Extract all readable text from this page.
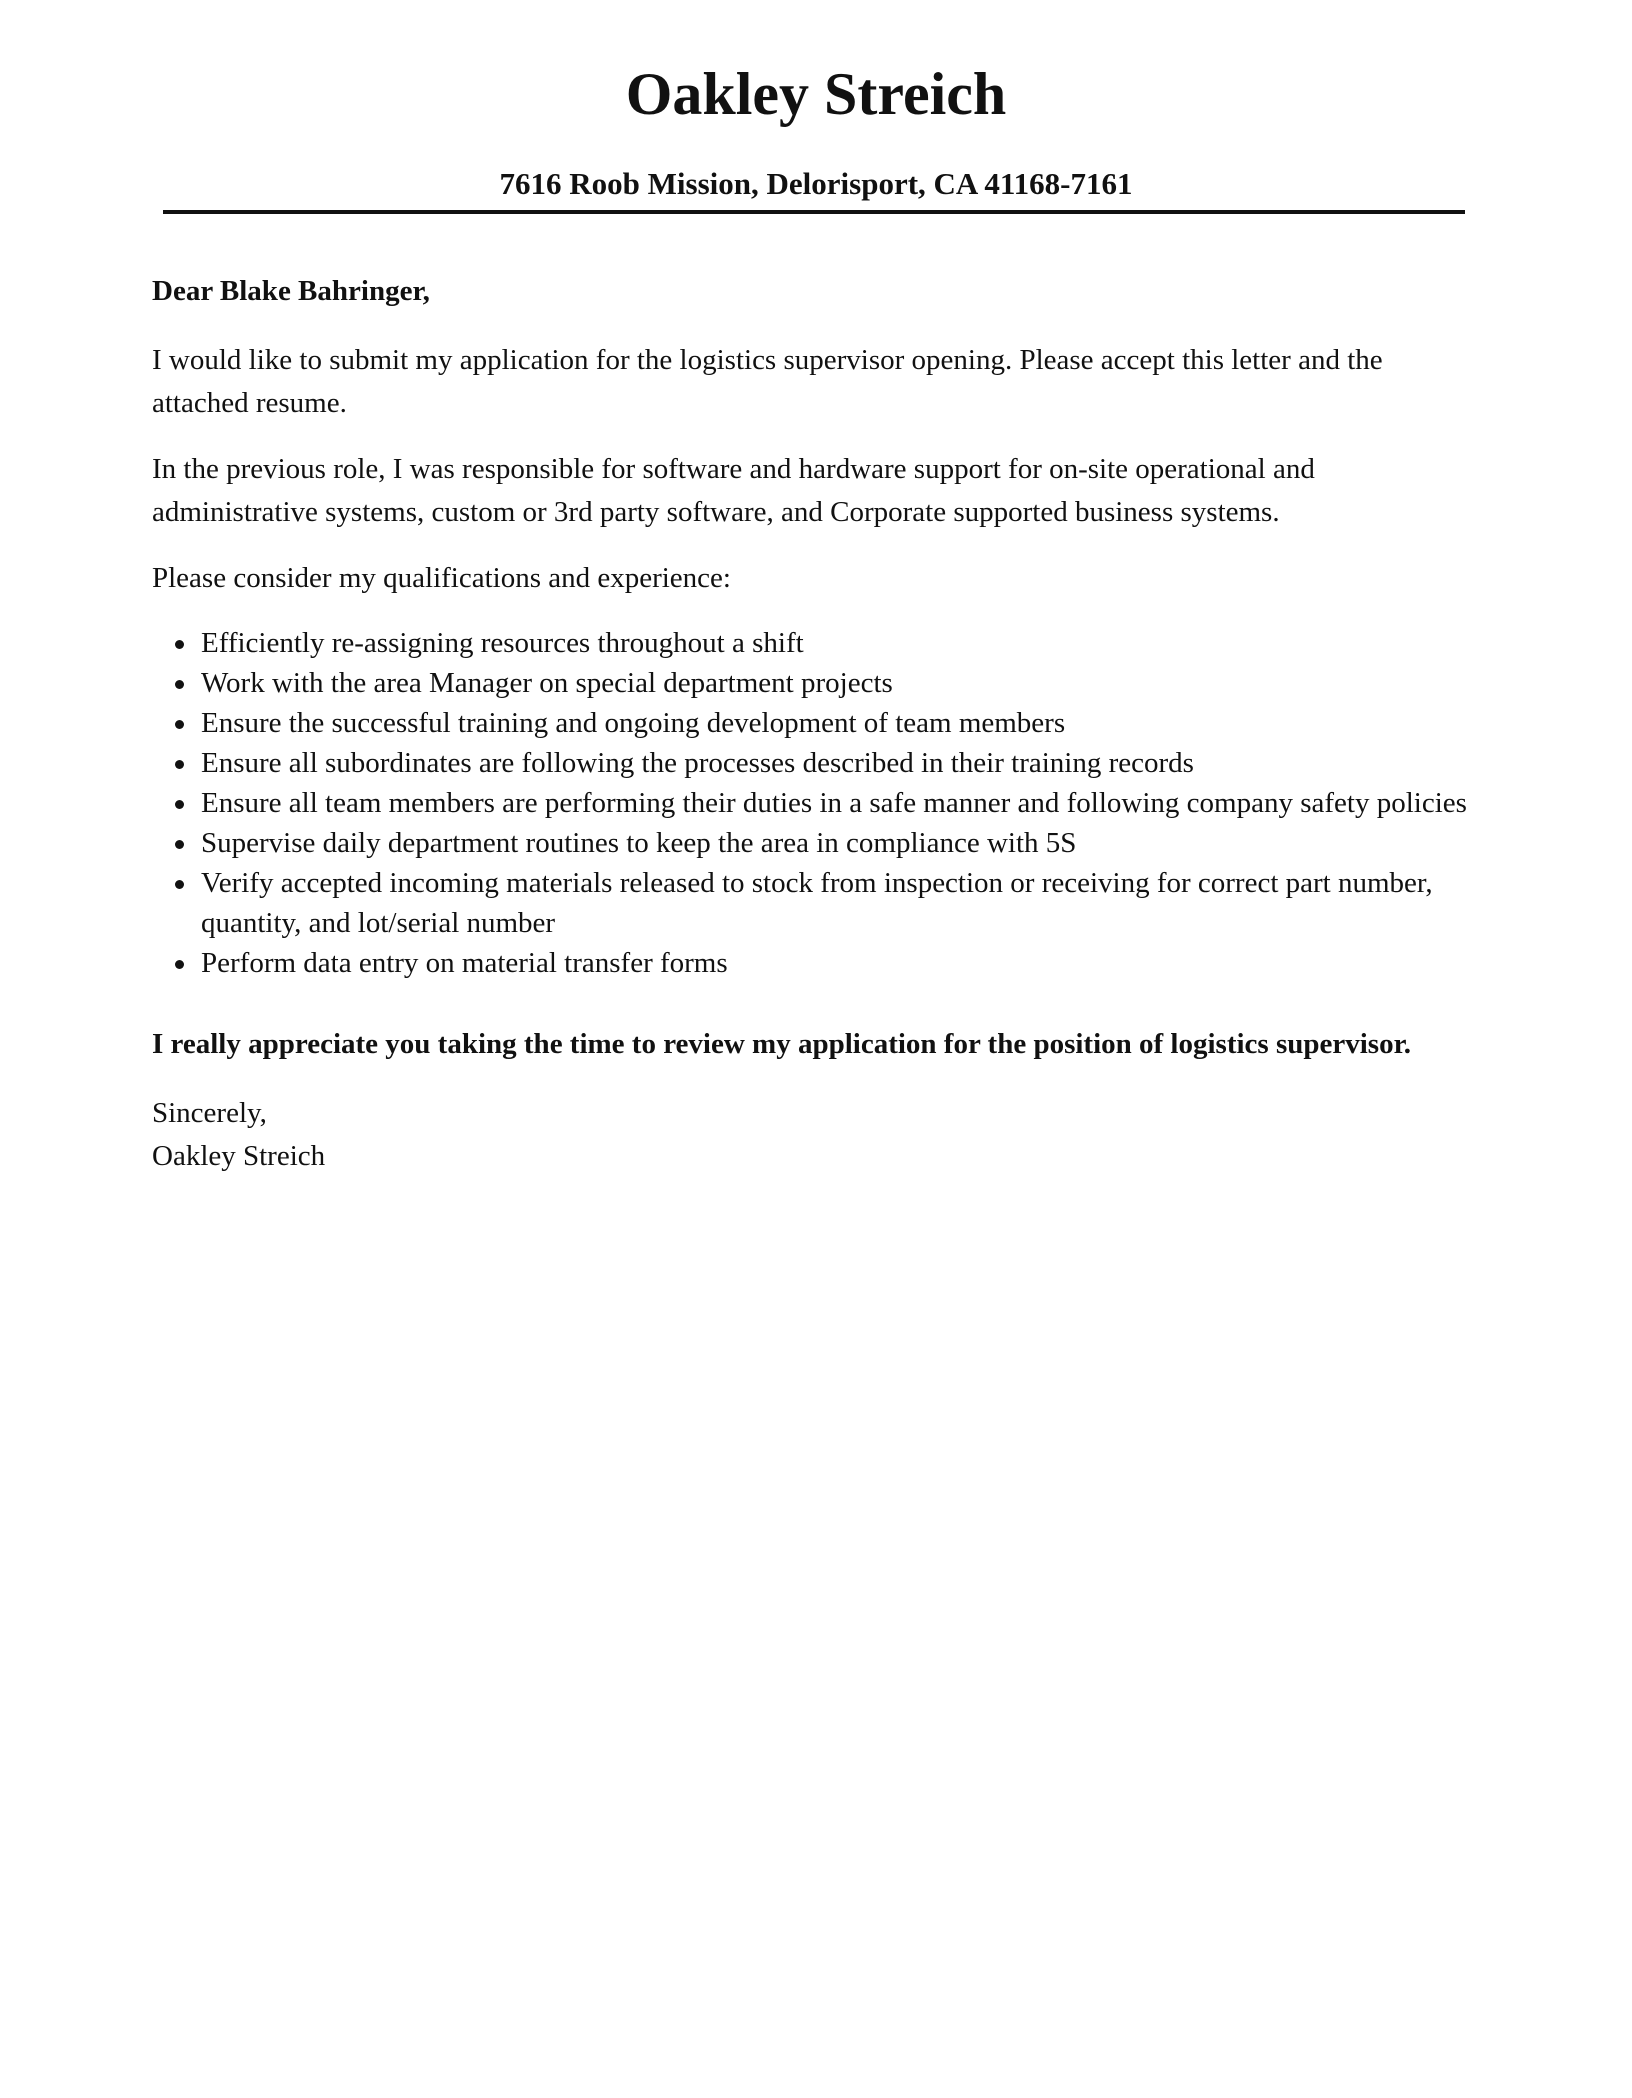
Oakley Streich
7616 Roob Mission, Delorisport, CA 41168-7161

Dear Blake Bahringer,

I would like to submit my application for the logistics supervisor opening. Please accept this letter and the attached resume.

In the previous role, I was responsible for software and hardware support for on-site operational and administrative systems, custom or 3rd party software, and Corporate supported business systems.

Please consider my qualifications and experience:

Efficiently re-assigning resources throughout a shift
Work with the area Manager on special department projects
Ensure the successful training and ongoing development of team members
Ensure all subordinates are following the processes described in their training records
Ensure all team members are performing their duties in a safe manner and following company safety policies
Supervise daily department routines to keep the area in compliance with 5S
Verify accepted incoming materials released to stock from inspection or receiving for correct part number, quantity, and lot/serial number
Perform data entry on material transfer forms

I really appreciate you taking the time to review my application for the position of logistics supervisor.

Sincerely,
Oakley Streich
